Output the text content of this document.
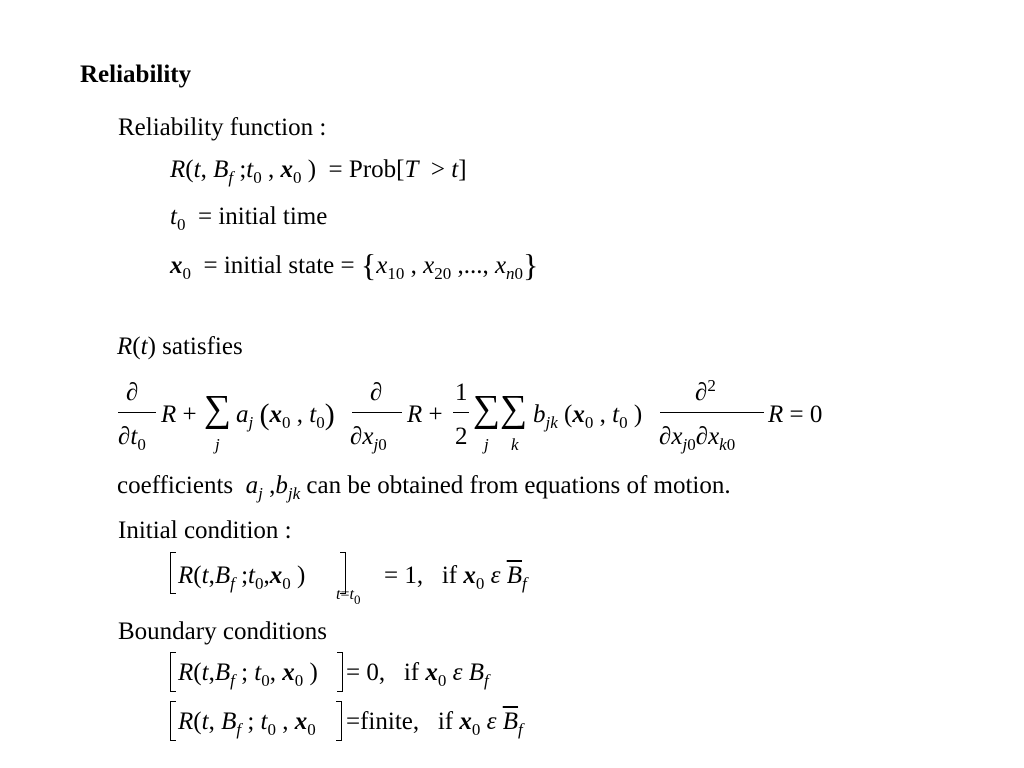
Reliability
Reliability function :
R(t, $B_f$ $;t_0$ , $x_0$ )  = Prob[T  > t]
$t_0$ = initial time
$x_0$  = initial state = {$x_{10}$ , $x_{20}$ ,..., $x_{n0}$}
R(t) satisfies
∂
$\partial t_0$
R + ∑
j
$a_j$ ($x_0$ , $t_0$)
∂
$\partial x_{j0}$
R +
1
2
∑∑
j k
$b_{jk}$ ($x_0$ , $t_0$ )
∂$^2$
$\partial x_{j0}\partial x_{k0}$
R = 0
coefficients $a_j$ $,b_{jk}$ can be obtained from equations of motion.
Initial condition :
$R(t,B_f$ $;t_0,x_0$ )
$t=t_0$
= 1,   if $x_0$ ε $\overline{B}_f$
Boundary conditions
$R(t,B_f$ ; $t_0$, $x_0$ ) = 0,   if $x_0$ ε $B_f$
R(t, $B_f$ ; $t_0$ , $x_0$ =finite,   if $x_0$ ε $\overline{B}_f$
